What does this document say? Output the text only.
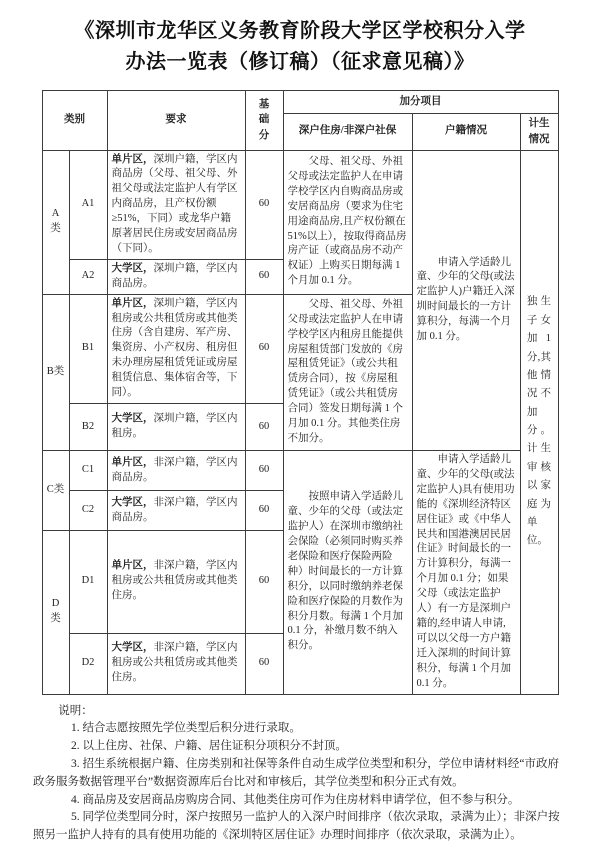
《深圳市龙华区义务教育阶段大学区学校积分入学办法一览表（修订稿）（征求意见稿）》
类别		要求	基础分	加分项目		
				深户住房/非深户社保	户籍情况	计生情况

A类	A1	单片区，深圳户籍，学区内商品房（父母、祖父母、外祖父母或法定监护人有学区内商品房，且产权份额≥51%，下同）或龙华户籍原著居民住房或安居商品房（下同）。	60	父母、祖父母、外祖父母或法定监护人在申请学校学区内自购商品房或安居商品房（要求为住宅用途商品房,且产权份额在 51%以上），按取得商品房房产证（或商品房不动产权证）上购买日期每满 1 个月加 0.1 分。	申请入学适龄儿童、少年的父母(或法定监护人)户籍迁入深圳时间最长的一方计算积分，每满一个月加 0.1 分。	独生子女加1分,其他情况不加分。计生审核以家庭为单位。

	A2	大学区，深圳户籍，学区内商品房。	60			
B类	B1	单片区，深圳户籍，学区内租房或公共租赁房或其他类住房（含自建房、军产房、集资房、小产权房、租房但未办理房屋租赁凭证或房屋租赁信息、集体宿舍等，下同）。	60	父母、祖父母、外祖父母或法定监护人在申请学校学区内租房且能提供房屋租赁部门发放的《房屋租赁凭证》（或公共租赁房合同），按《房屋租赁凭证》（或公共租赁房合同）签发日期每满 1 个月加 0.1 分。其他类住房不加分。		
	B2	大学区，深圳户籍，学区内租房。	60			
C类	C1	单片区，非深户籍，学区内商品房。	60	按照申请入学适龄儿童、少年的父母（或法定监护人）在深圳市缴纳社会保险（必须同时购买养老保险和医疗保险两险种）时间最长的一方计算积分，以同时缴纳养老保险和医疗保险的月数作为积分月数。每满 1 个月加 0.1 分，补缴月数不纳入积分。	申请入学适龄儿童、少年的父母(或法定监护人)具有使用功能的《深圳经济特区居住证》或《中华人民共和国港澳居民居住证》时间最长的一方计算积分，每满一个月加 0.1 分；如果父母（或法定监护人）有一方是深圳户籍的,经申请人申请,可以以父母一方户籍迁入深圳的时间计算积分，每满 1 个月加 0.1 分。	
	C2	大学区，非深户籍，学区内商品房。	60			
D类	D1	单片区，非深户籍，学区内租房或公共租赁房或其他类住房。	60			
	D2	大学区，非深户籍，学区内租房或公共租赁房或其他类住房。	60			

说明：

1. 结合志愿按照先学位类型后积分进行录取。

2. 以上住房、社保、户籍、居住证积分项积分不封顶。

3. 招生系统根据户籍、住房类别和社保等条件自动生成学位类型和积分，学位申请材料经“市政府政务服务数据管理平台”数据资源库后台比对和审核后，其学位类型和积分正式有效。

4. 商品房及安居商品房购房合同、其他类住房可作为住房材料申请学位，但不参与积分。

5. 同学位类型同分时，深户按照另一监护人的入深户时间排序（依次录取，录满为止）；非深户按照另一监护人持有的具有使用功能的《深圳特区居住证》办理时间排序（依次录取，录满为止）。
